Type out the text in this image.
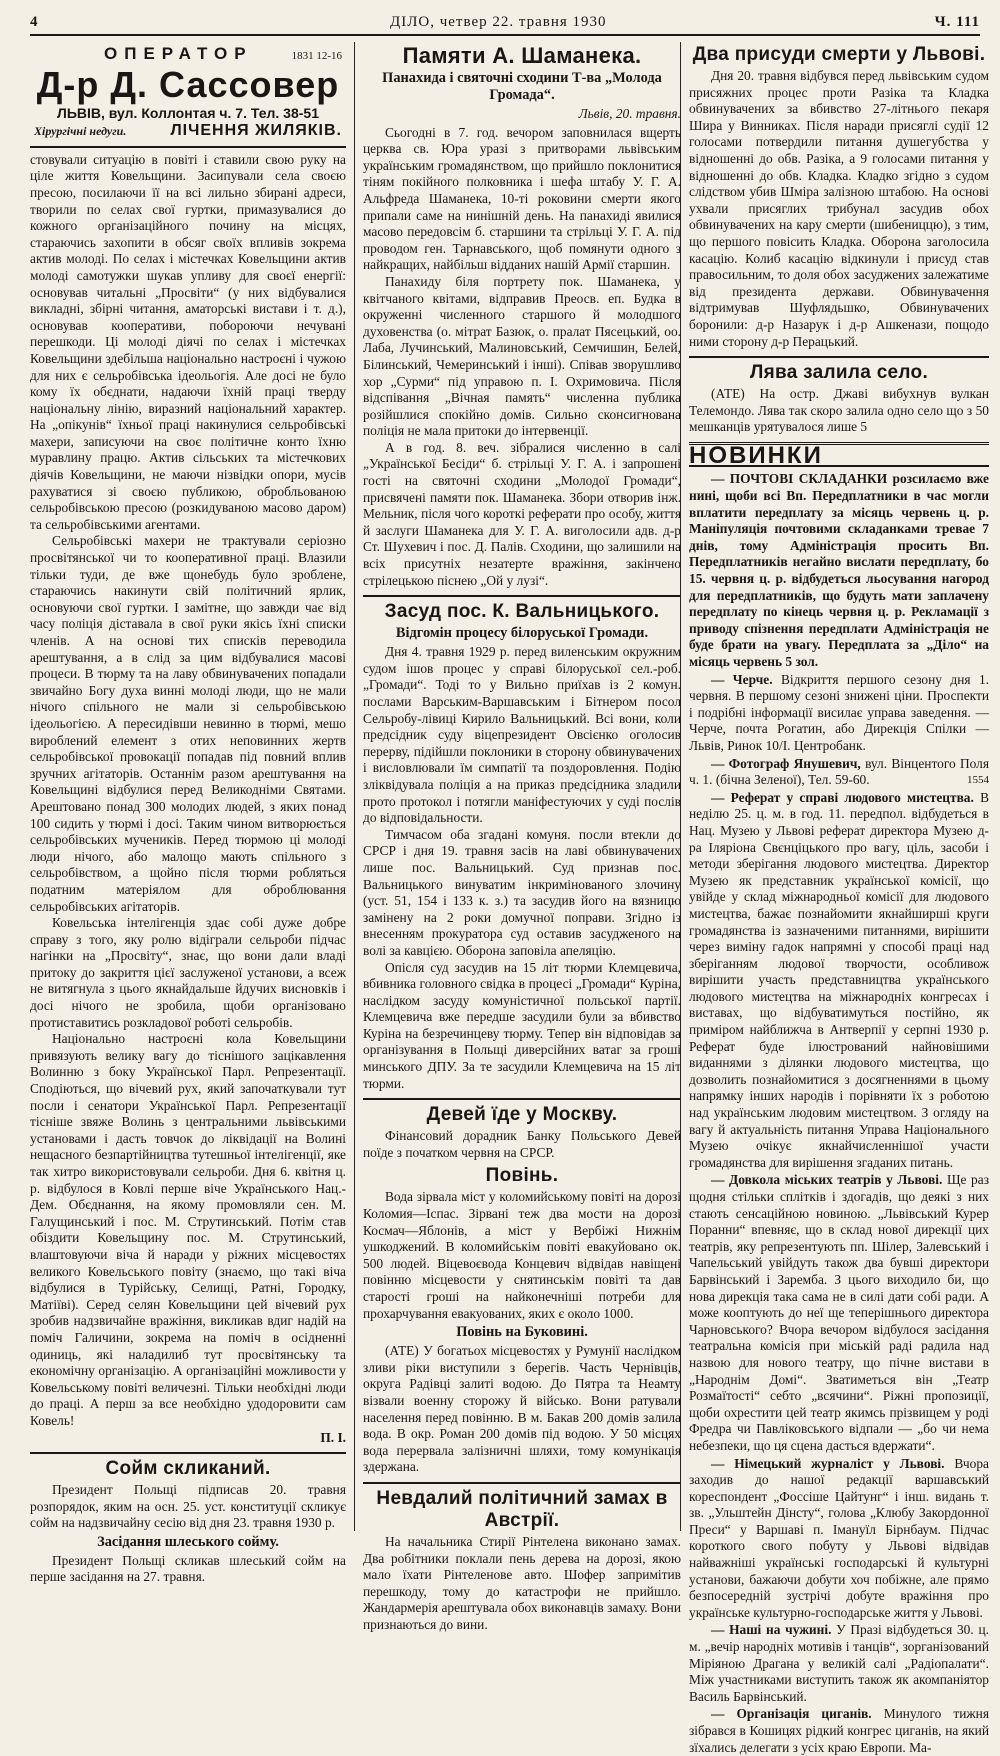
4	ДІЛО, четвер 22. травня 1930	Ч. 111
ОПЕРАТОР	1831 12-16
Д-р Д. Сассовер
ЛЬВІВ, вул. Коллонтая ч. 7. Тел. 38-51
Хірургічні недуги.	ЛІЧЕННЯ ЖИЛЯКІВ.

стовували ситуацію в повіті і ставили свою руку на ціле життя Ковельщини. Засипували села своєю пресою, посилаючи її на всі лильно збирані адреси, творили по селах свої гуртки, примазувалися до кожного організаційного почину на місцях, стараючись захопити в обсяг своїх впливів зокрема актив молоді. По селах і містечках Ковельщини актив молоді самотужки шукав упливу для своєї енергії: основував читальні „Просвіти“ (у них відбувалися викладні, збірні читання, аматорські вистави і т. д.), основував кооперативи, побороючи нечувані перешкоди. Ці молоді діячі по селах і містечках Ковельщини здебільша національно настроєні і чужою для них є сельробівська ідеольогія. Але досі не було кому їх обєднати, надаючи їхній праці тверду національну лінію, виразний національний характер. На „опікунів“ їхньої праці накинулися сельробівські махери, записуючи на своє політичне конто їхню муравлину працю. Актив сільських та містечкових діячів Ковельщини, не маючи нізвідки опори, мусів рахуватися зі своєю публикою, обробльованою сельробівською пресою (розкидуваною масово даром) та сельробівськими агентами.

Сельробівські махери не трактували серіозно просвітянської чи то кооперативної праці. Влазили тільки туди, де вже щонебудь було зроблене, стараючись накинути свій політичний ярлик, основуючи свої гуртки. І замітне, що завжди чає від часу поліція діставала в свої руки якісь їхні списки членів. А на основі тих списків переводила арештування, а в слід за цим відбувалися масові процеси. В тюрму та на лаву обвинувачених попадали звичайно Богу духа винні молоді люди, що не мали нічого спільного не мали зі сельробівською ідеольогією. А пересидівши невинно в тюрмі, мешо вироблений елемент з отих неповинних жертв сельробівської провокації попадав під повний вплив зручних агітаторів. Останнім разом арештування на Ковельщині відбулися перед Великодніми Святами. Арештовано понад 300 молодих людей, з яких понад 100 сидить у тюрмі і досі. Таким чином витворюється сельробівських мучеників. Перед тюрмою ці молоді люди нічого, або малощо мають спільного з сельробівством, а щойно після тюрми робляться податним матеріялом для оброблювання сельробівських агітаторів.

Ковельська інтелігенція здає собі дуже добре справу з того, яку ролю відіграли сельроби підчас нагінки на „Просвіту“, знає, що вони дали владі притоку до закриття цієї заслуженої установи, а всеж не витягнула з цього якнайдальше йдучих висновків і досі нічого не зробила, щоби організовано протиставитись розкладової роботі сельробів.

Національно настроєні кола Ковельщини привязують велику вагу до тіснішого зацікавлення Волинню з боку Української Парл. Репрезентації. Сподіються, що вічевий рух, який започаткували тут посли і сенатори Української Парл. Репрезентації тісніше звяже Волинь з центральними львівськими установами і дасть товчок до ліквідації на Волині нещасного безпартійництва тутешньої інтелігенції, яке так хитро використовували сельроби. Дня 6. квітня ц. р. відбулося в Ковлі перше віче Українського Нац.-Дем. Обєднання, на якому промовляли сен. М. Галущинський і пос. М. Струтинський. Потім став обіздити Ковельщину пос. М. Струтинський, влаштовуючи віча й наради у ріжних місцевостях великого Ковельського повіту (знаємо, що такі віча відбулися в Турійську, Селищі, Ратні, Городку, Матіїві). Серед селян Ковельщини цей вічевий рух зробив надзвичайне вражіння, викликав вдиг надій на поміч Галичини, зокрема на поміч в осідненні одиниць, які наладилиб тут просвітянську та економічну організацію. А організаційні можливости у Ковельському повіті величезні. Тільки необхідні люди до праці. А перш за все необхідно удодоровити сам Ковель!

П. І.
Сойм скликаний.

Президент Польщі підписав 20. травня розпорядок, яким на осн. 25. уст. конституції скликує сойм на надзвичайну сесію від дня 23. травня 1930 р.

Засідання шлеського сойму.

Президент Польщі скликав шлеський сойм на перше засідання на 27. травня.

Памяти А. Шаманека.
Панахида і святочні сходини Т-ва „Молода Громада“.
Львів, 20. травня.

Сьогодні в 7. год. вечором заповнилася вщерть церква св. Юра уразі з притворами львівським українським громадянством, що прийшло поклонитися тіням покійного полковника і шефа штабу У. Г. А. Альфреда Шаманека, 10-ті роковини смерти якого припали саме на нинішній день. На панахиді явилися масово передовсім б. старшини та стрільці У. Г. А. під проводом ген. Тарнавського, щоб помянути одного з найкращих, найбільш відданих нашій Армії старшин.

Панахиду біля портрету пок. Шаманека, у квітчаного квітами, відправив Преосв. еп. Будка в окруженні численного старшого й молодшого духовенства (о. мітрат Базюк, о. пралат Пясецький, оо. Лаба, Лучинський, Малиновський, Семчишин, Белей, Білинський, Чемеринський і інші). Співав зворушливо хор „Сурми“ під управою п. І. Охримовича. Після відспівання „Вічная память“ численна публика розійшлися спокійно домів. Сильно сконсигнована поліція не мала притоки до інтервенції.

А в год. 8. веч. зібралися численно в салі „Української Бесіди“ б. стрільці У. Г. А. і запрошені гості на святочні сходини „Молодої Громади“, присвячені памяти пок. Шаманека. Збори отворив інж. Мельник, після чого короткі реферати про особу, життя й заслуги Шаманека для У. Г. А. виголосили адв. д-р Ст. Шухевич і пос. Д. Палів. Сходини, що залишили на всіх присутніх незатерте вражіння, закінчено стрілецькою піснею „Ой у лузі“.

Засуд пос. К. Вальницького.
Відгомін процесу білоруської Громади.

Дня 4. травня 1929 р. перед виленським окружним судом ішов процес у справі білоруської сел.-роб. „Громади“. Тоді то у Вильно приїхав із 2 комун. послами Варським-Варшавським і Бітнером посол Сельробу-лівиці Кирило Вальницький. Всі вони, коли предсідник суду віцепрезидент Овсієнко оголосив перерву, підійшли поклоники в сторону обвинувачених і висловлювали їм симпатії та поздоровлення. Подію зліквідувала поліція а на приказ предсідника зладили прото протокол і потягли маніфестуючих у суді послів до відповідальности.

Тимчасом оба згадані комуня. посли втекли до СРСР і дня 19. травня засів на лаві обвинувачених лише пос. Вальницький. Суд признав пос. Вальницького винуватим інкримінованого злочину (уст. 51, 154 і 133 к. з.) та засудив його на вязницю замінену на 2 роки домучної поправи. Згідно із внесенням прокуратора суд оставив засудженого на волі за кавцією. Оборона заповіла апеляцію.

Опісля суд засудив на 15 літ тюрми Клемцевича, вбивника головного свідка в процесі „Громади“ Куріна, наслідком засуду комуністичної польської партії. Клемцевича вже передше засудили були за вбивство Куріна на безречинцеву тюрму. Тепер він відповідав за організування в Польщі диверсійних ватаг за гроші минського ДПУ. За те засудили Клемцевича на 15 літ тюрми.

Девей їде у Москву.

Фінансовий дорадник Банку Польського Девей поїде з початком червня на СРСР.

Повінь.

Вода зірвала міст у коломийському повіті на дорозі Коломия—Іспас. Зірвані теж два мости на дорозі Космач—Яблонів, а міст у Вербіжі Нижнім ушкоджений. В коломийськім повіті евакуйовано ок. 500 людей. Віцевоєвода Концевич відвідав навіщені повінню місцевости у снятинськім повіті та дав старості гроші на найконечніші потреби для прохарчування евакуованих, яких є около 1000.

Повінь на Буковині.

(АТЕ) У богатьох місцевостях у Румунії наслідком зливи ріки виступили з берегів. Часть Чернівців, округа Радівці залиті водою. До Пятра та Неамту візвали военну сторожу й військо. Вони ратували населення перед повінню. В м. Бакав 200 домів залила вода. В окр. Роман 200 домів під водою. У 50 місцях вода перервала залізничні шляхи, тому комунікація здержана.

Невдалий політичний замах в Австрії.

На начальника Стирії Рінтелена виконано замах. Два робітники поклали пень дерева на дорозі, якою мало їхати Рінтеленове авто. Шофер запримітив перешкоду, тому до катастрофи не прийшло. Жандармерія арештувала обох виконавців замаху. Вони признаються до вини.

Два присуди смерти у Львові.

Дня 20. травня відбувся перед львівським судом присяжних процес проти Разіка та Кладка обвинувачених за вбивство 27-літнього пекаря Шира у Винниках. Після наради присяглі судії 12 голосами потвердили питання душегубства у відношенні до обв. Разіка, а 9 голосами питання у відношенні до обв. Кладка. Кладко згідно з судом слідством убив Шміра залізною штабою. На основі ухвали присяглих трибунал засудив обох обвинувачених на кару смерти (шибениццю), з тим, що першого повісить Кладка. Оборона заголосила касацію. Колиб касацію відкинули і присуд став правосильним, то доля обох засуджених залежатиме від президента держави. Обвинувачення відтримував Шуфлядьшко, Обвинувачених боронили: д-р Назарук і д-р Ашкенази, пощодо ними сторону д-р Перацький.

Лява залила село.

(АТЕ) На остр. Джаві вибухнув вулкан Телемондо. Лява так скоро залила одно село що з 50 мешканців урятувалося лише 5

НОВИНКИ

— ПОЧТОВІ СКЛАДАНКИ розсилаємо вже нині, щоби всі Вп. Передплатники в час могли вплатити передплату за місяць червень ц. р. Маніпуляція почтовими складанками тревае 7 днів, тому Адміністрація просить Вп. Передплатників негайно вислати передплату, бо 15. червня ц. р. відбудеться льосування нагород для передплатників, що будуть мати заплачену передплату по кінець червня ц. р. Рекламації з приводу спізнення передплати Адміністрація не буде брати на увагу. Передплата за „Діло“ на місяць червень 5 зол.

— Черче. Відкриття першого сезону дня 1. червня. В першому сезоні знижені ціни. Проспекти і подрібні інформації висилає управа заведення. — Черче, почта Рогатин, або Дирекція Спілки — Львів, Ринок 10/І. Центробанк.

— Фотограф Янушевич, вул. Вінцентого Поля ч. 1. (бічна Зеленої), Тел. 59-60.	1554

— Реферат у справі людового мистецтва. В неділю 25. ц. м. в год. 11. передпол. відбудеться в Нац. Музею у Львові реферат директора Музею д-ра Іляріона Свєнціцького про вагу, ціль, засоби і методи зберігання людового мистецтва. Директор Музею як представник української комісії, що увійде у склад міжнародньої комісії для людового мистецтва, бажає познайомити якнайширші круги громадянства із зазначеними питаннями, вирішити через виміну гадок напрямні у способі праці над зберіганням людової творчости, особливож вирішити участь представництва українського людового мистецтва на міжнародніх конгресах і виставах, що відбуватимуться постійно, як приміром найближча в Антверпії у серпні 1930 р. Реферат буде ілюстрований найновішими виданнями з ділянки людового мистецтва, що дозволить познайомитися з досягненнями в цьому напрямку інших народів і порівняти їх з роботою над українським людовим мистецтвом. З огляду на вагу й актуальність питання Управа Національного Музею очікує якнайчисленнішої участи громадянства для вирішення згаданих питань.

— Довкола міських театрів у Львові. Ще раз щодня стільки сплітків і здогадів, що деякі з них стають сенсаційною новиною. „Львівський Курер Поранни“ впевняє, що в склад нової дирекції цих театрів, яку репрезентують пп. Шілер, Залевський і Чапельський увійдуть також два бувші директори Барвінський і Заремба. З цього виходило би, що нова дирекція така сама не в силі дати собі ради. А може кооптують до неї ще теперішнього директора Чарновського? Вчора вечором відбулося засідання театральна комісія при міській раді радила над назвою для нового театру, що пічне вистави в „Народнім Домі“. Зватиметься він „Театр Розмаїтості“ себто „всячини“. Ріжні пропозиції, щоби охрестити цей театр якимсь прізвищем у роді Фредра чи Павліковського відпали — „бо чи нема небезпеки, що ця сцена дасться вдержати“.

— Німецький журналіст у Львові. Вчора заходив до нашої редакції варшавський кореспондент „Фоссіше Цайтунг“ і інш. видань т. зв. „Ульштейн Дінсту“, голова „Клюбу Закордонної Преси“ у Варшаві п. Імануїл Бірнбаум. Підчас короткого свого побуту у Львові відвідав найважніші українські господарські й культурні установи, бажаючи добути хоч побіжне, але прямо безпосередній зустрічі добуте вражіння про українське культурно-господарське життя у Львові.

— Наші на чужині. У Празі відбудеться 30. ц. м. „вечір народніх мотивів і танців“, зорганізований Міріяною Драгана у великій салі „Радіопалати“. Між участниками виступить також як акомпаніятор Василь Барвінський.

— Організація циганів. Минулого тижня зібрався в Кошицях рідкий конгрес циганів, на який зїхались делегати з усіх краю Европи. Ма-
